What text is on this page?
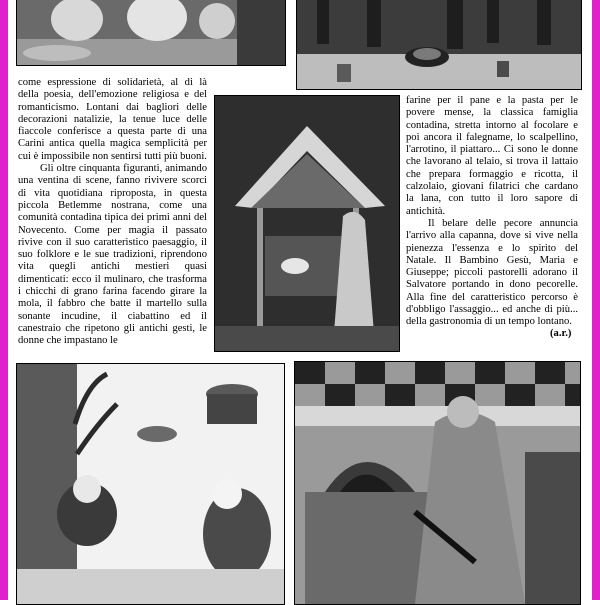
come espressione di solidarietà, al di là della poesia, dell'emozione religiosa e del romanticismo. Lontani dai bagliori delle decorazioni natalizie, la tenue luce delle fiaccole conferisce a questa parte di una Carini antica quella magica semplicità per cui è impossibile non sentirsi tutti più buoni.

Gli oltre cinquanta figuranti, animando una ventina di scene, fanno rivivere scorci di vita quotidiana riproposta, in questa piccola Betlemme nostrana, come una comunità contadina tipica dei primi anni del Novecento. Come per magia il passato rivive con il suo caratteristico paesaggio, il suo folklore e le sue tradizioni, riprendono vita quegli antichi mestieri quasi dimenticati: ecco il mulinaro, che trasforma i chicchi di grano farina facendo girare la mola, il fabbro che batte il martello sulla sonante incudine, il ciabattino ed il canestraio che ripetono gli antichi gesti, le donne che impastano le

farine per il pane e la pasta per le povere mense, la classica famiglia contadina, stretta intorno al focolare e poi ancora il falegname, lo scalpellino, l'arrotino, il piattaro... Ci sono le donne che lavorano al telaio, si trova il lattaio che prepara formaggio e ricotta, il calzolaio, giovani filatrici che cardano la lana, con tutto il loro sapore di antichità.

Il belare delle pecore annuncia l'arrivo alla capanna, dove si vive nella pienezza l'essenza e lo spirito del Natale. Il Bambino Gesù, Maria e Giuseppe; piccoli pastorelli adorano il Salvatore portando in dono pecorelle. Alla fine del caratteristico percorso è d'obbligo l'assaggio... ed anche di più... della gastronomia di un tempo lontano.

(a.r.)
